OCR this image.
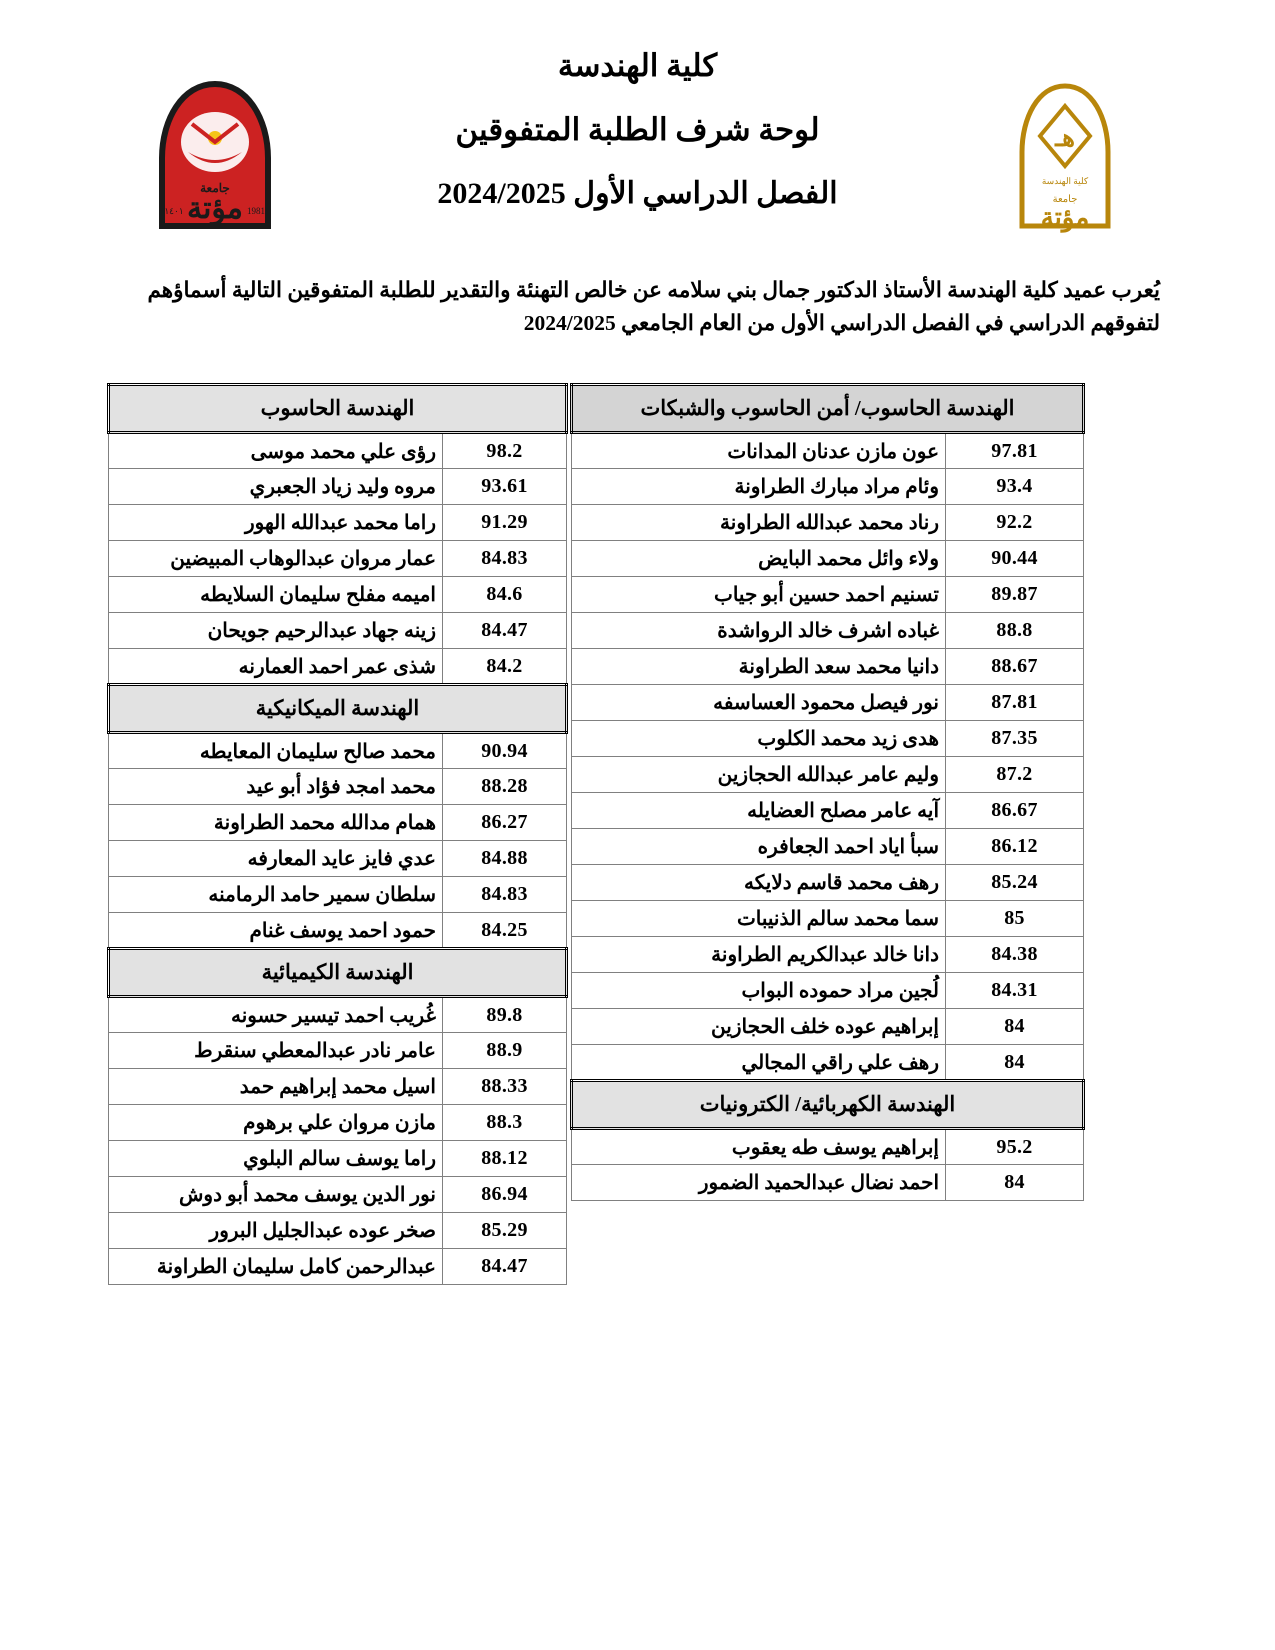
جامعة
مؤتة
١٤٠١	1981
هـ
كلية الهندسة
جامعة
مؤتة
كلية الهندسة
لوحة شرف الطلبة المتفوقين
الفصل الدراسي الأول 2024/2025
يُعرب عميد كلية الهندسة الأستاذ الدكتور جمال بني سلامه عن خالص التهنئة والتقدير للطلبة المتفوقين التالية أسماؤهم لتفوقهم الدراسي في الفصل الدراسي الأول من العام الجامعي 2024/2025
الهندسة الحاسوب/ أمن الحاسوب والشبكات	
97.81	عون مازن عدنان المدانات
93.4	وئام مراد مبارك الطراونة
92.2	رناد محمد عبدالله الطراونة
90.44	ولاء وائل محمد البايض
89.87	تسنيم احمد حسين أبو جياب
88.8	غباده اشرف خالد الرواشدة
88.67	دانيا محمد سعد الطراونة
87.81	نور فيصل محمود العساسفه
87.35	هدى زيد محمد الكلوب
87.2	وليم عامر عبدالله الحجازين
86.67	آيه عامر مصلح العضايله
86.12	سبأ اياد احمد الجعافره
85.24	رهف محمد قاسم دلايكه
85	سما محمد سالم الذنيبات
84.38	دانا خالد عبدالكريم الطراونة
84.31	لُجين مراد حموده البواب
84	إبراهيم عوده خلف الحجازين
84	رهف علي راقي المجالي
الهندسة الكهربائية/ الكترونيات	
95.2	إبراهيم يوسف طه يعقوب
84	احمد نضال عبدالحميد الضمور
الهندسة الحاسوب	
98.2	رؤى علي محمد موسى
93.61	مروه وليد زياد الجعبري
91.29	راما محمد عبدالله الهور
84.83	عمار مروان عبدالوهاب المبيضين
84.6	اميمه مفلح سليمان السلايطه
84.47	زينه جهاد عبدالرحيم جويحان
84.2	شذى عمر احمد العمارنه
الهندسة الميكانيكية	
90.94	محمد صالح سليمان المعايطه
88.28	محمد امجد فؤاد أبو عيد
86.27	همام مدالله محمد الطراونة
84.88	عدي فايز عايد المعارفه
84.83	سلطان سمير حامد الرمامنه
84.25	حمود احمد يوسف غنام
الهندسة الكيميائية	
89.8	غُريب احمد تيسير حسونه
88.9	عامر نادر عبدالمعطي سنقرط
88.33	اسيل محمد إبراهيم حمد
88.3	مازن مروان علي برهوم
88.12	راما يوسف سالم البلوي
86.94	نور الدين يوسف محمد أبو دوش
85.29	صخر عوده عبدالجليل البرور
84.47	عبدالرحمن كامل سليمان الطراونة
